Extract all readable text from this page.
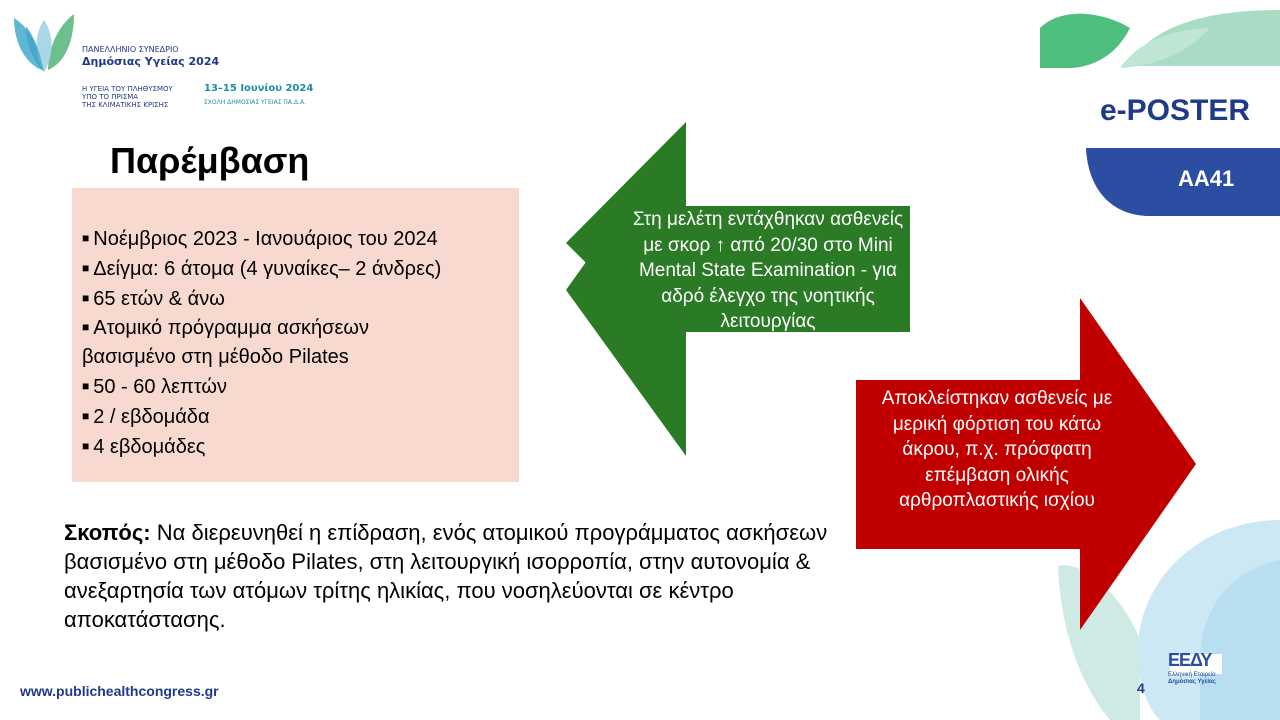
ΠΑΝΕΛΛΗΝΙΟ ΣΥΝΕΔΡΙΟ
Δημόσιας Υγείας 2024
Η ΥΓΕΙΑ ΤΟΥ ΠΛΗΘΥΣΜΟΥ
ΥΠΟ ΤΟ ΠΡΙΣΜΑ
ΤΗΣ ΚΛΙΜΑΤΙΚΗΣ ΚΡΙΣΗΣ
13–15 Ιουνίου 2024
ΣΧΟΛΗ ΔΗΜΟΣΙΑΣ ΥΓΕΙΑΣ ΠΑ.Δ.Α.	e-POSTER
ΑΑ41
Παρέμβαση
■ Νοέμβριος 2023 - Ιανουάριος του 2024
■ Δείγμα: 6 άτομα (4 γυναίκες– 2 άνδρες)
■ 65 ετών & άνω
■ Ατομικό πρόγραμμα ασκήσεων
βασισμένο στη μέθοδο Pilates
■ 50 - 60 λεπτών
■ 2 / εβδομάδα
■ 4 εβδομάδες
Στη μελέτη εντάχθηκαν ασθενείς με σκορ ↑ από 20/30 στο Mini Mental State Examination - για αδρό έλεγχο της νοητικής λειτουργίας
Αποκλείστηκαν ασθενείς με μερική φόρτιση του κάτω άκρου, π.χ. πρόσφατη επέμβαση ολικής αρθροπλαστικής ισχίου
Σκοπός: Να διερευνηθεί η επίδραση, ενός ατομικού προγράμματος ασκήσεων βασισμένο στη μέθοδο Pilates, στη λειτουργική ισορροπία, στην αυτονομία & ανεξαρτησία των ατόμων τρίτης ηλικίας, που νοσηλεύονται σε κέντρο αποκατάστασης.
www.publichealthcongress.gr	4
ΕΕΔΥ
Ελληνική Εταιρεία
Δημόσιας Υγείας
